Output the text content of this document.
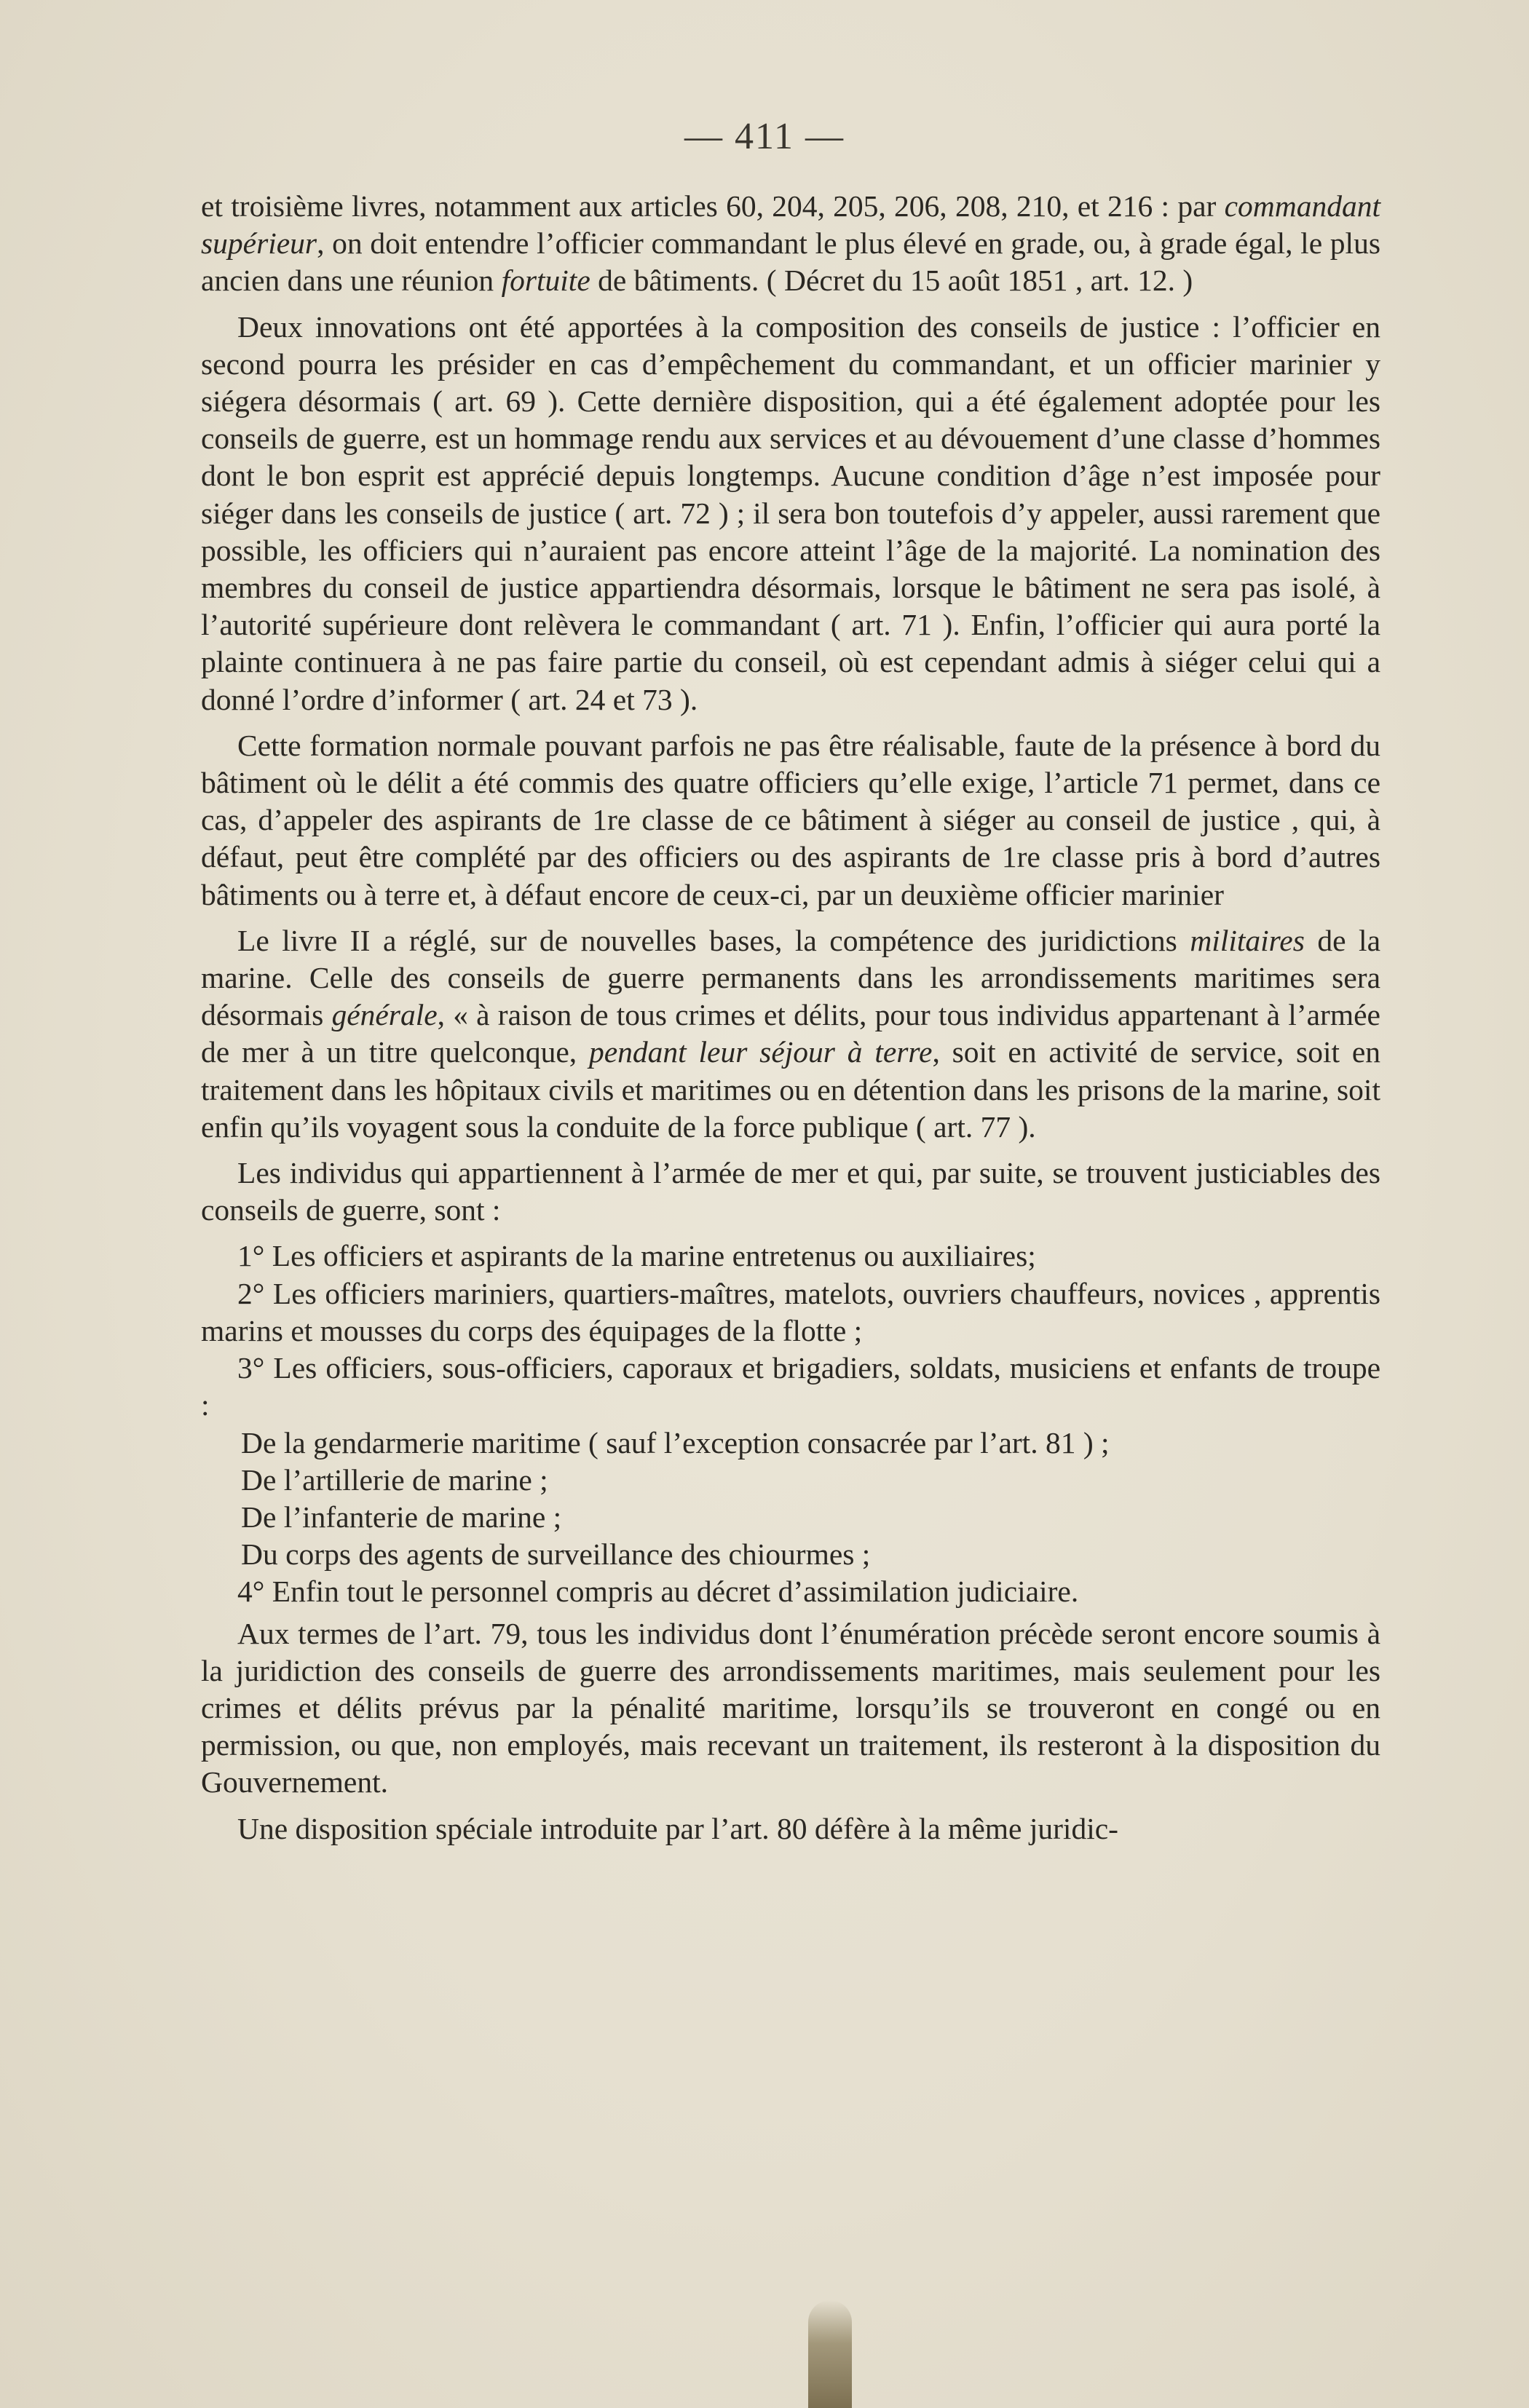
— 411 —

et troisième livres, notamment aux articles 60, 204, 205, 206, 208, 210, et 216 : par commandant supérieur, on doit entendre l’officier commandant le plus élevé en grade, ou, à grade égal, le plus ancien dans une réunion fortuite de bâtiments. ( Décret du 15 août 1851 , art. 12. )

Deux innovations ont été apportées à la composition des conseils de justice : l’officier en second pourra les présider en cas d’empêchement du commandant, et un officier marinier y siégera désormais ( art. 69 ). Cette dernière disposition, qui a été également adoptée pour les conseils de guerre, est un hommage rendu aux services et au dévouement d’une classe d’hommes dont le bon esprit est apprécié depuis longtemps. Aucune condition d’âge n’est imposée pour siéger dans les conseils de justice ( art. 72 ) ; il sera bon toutefois d’y appeler, aussi rarement que possible, les officiers qui n’auraient pas encore atteint l’âge de la majorité. La nomination des membres du conseil de justice appartiendra désormais, lorsque le bâtiment ne sera pas isolé, à l’autorité supérieure dont relèvera le commandant ( art. 71 ). Enfin, l’officier qui aura porté la plainte continuera à ne pas faire partie du conseil, où est cependant admis à siéger celui qui a donné l’ordre d’informer ( art. 24 et 73 ).

Cette formation normale pouvant parfois ne pas être réalisable, faute de la présence à bord du bâtiment où le délit a été commis des quatre officiers qu’elle exige, l’article 71 permet, dans ce cas, d’appeler des aspirants de 1re classe de ce bâtiment à siéger au conseil de justice , qui, à défaut, peut être complété par des officiers ou des aspirants de 1re classe pris à bord d’autres bâtiments ou à terre et, à défaut encore de ceux-ci, par un deuxième officier marinier

Le livre II a réglé, sur de nouvelles bases, la compétence des juridictions militaires de la marine. Celle des conseils de guerre permanents dans les arrondissements maritimes sera désormais générale, « à raison de tous crimes et délits, pour tous individus appartenant à l’armée de mer à un titre quelconque, pendant leur séjour à terre, soit en activité de service, soit en traitement dans les hôpitaux civils et maritimes ou en détention dans les prisons de la marine, soit enfin qu’ils voyagent sous la conduite de la force publique ( art. 77 ).

Les individus qui appartiennent à l’armée de mer et qui, par suite, se trouvent justiciables des conseils de guerre, sont :

1° Les officiers et aspirants de la marine entretenus ou auxiliaires;
2° Les officiers mariniers, quartiers-maîtres, matelots, ouvriers chauffeurs, novices , apprentis marins et mousses du corps des équipages de la flotte ;
3° Les officiers, sous-officiers, caporaux et brigadiers, soldats, musiciens et enfants de troupe :
De la gendarmerie maritime ( sauf l’exception consacrée par l’art. 81 ) ;
De l’artillerie de marine ;
De l’infanterie de marine ;
Du corps des agents de surveillance des chiourmes ;
4° Enfin tout le personnel compris au décret d’assimilation judiciaire.

Aux termes de l’art. 79, tous les individus dont l’énumération précède seront encore soumis à la juridiction des conseils de guerre des arrondissements maritimes, mais seulement pour les crimes et délits prévus par la pénalité maritime, lorsqu’ils se trouveront en congé ou en permission, ou que, non employés, mais recevant un traitement, ils resteront à la disposition du Gouvernement.

Une disposition spéciale introduite par l’art. 80 défère à la même juridic-
